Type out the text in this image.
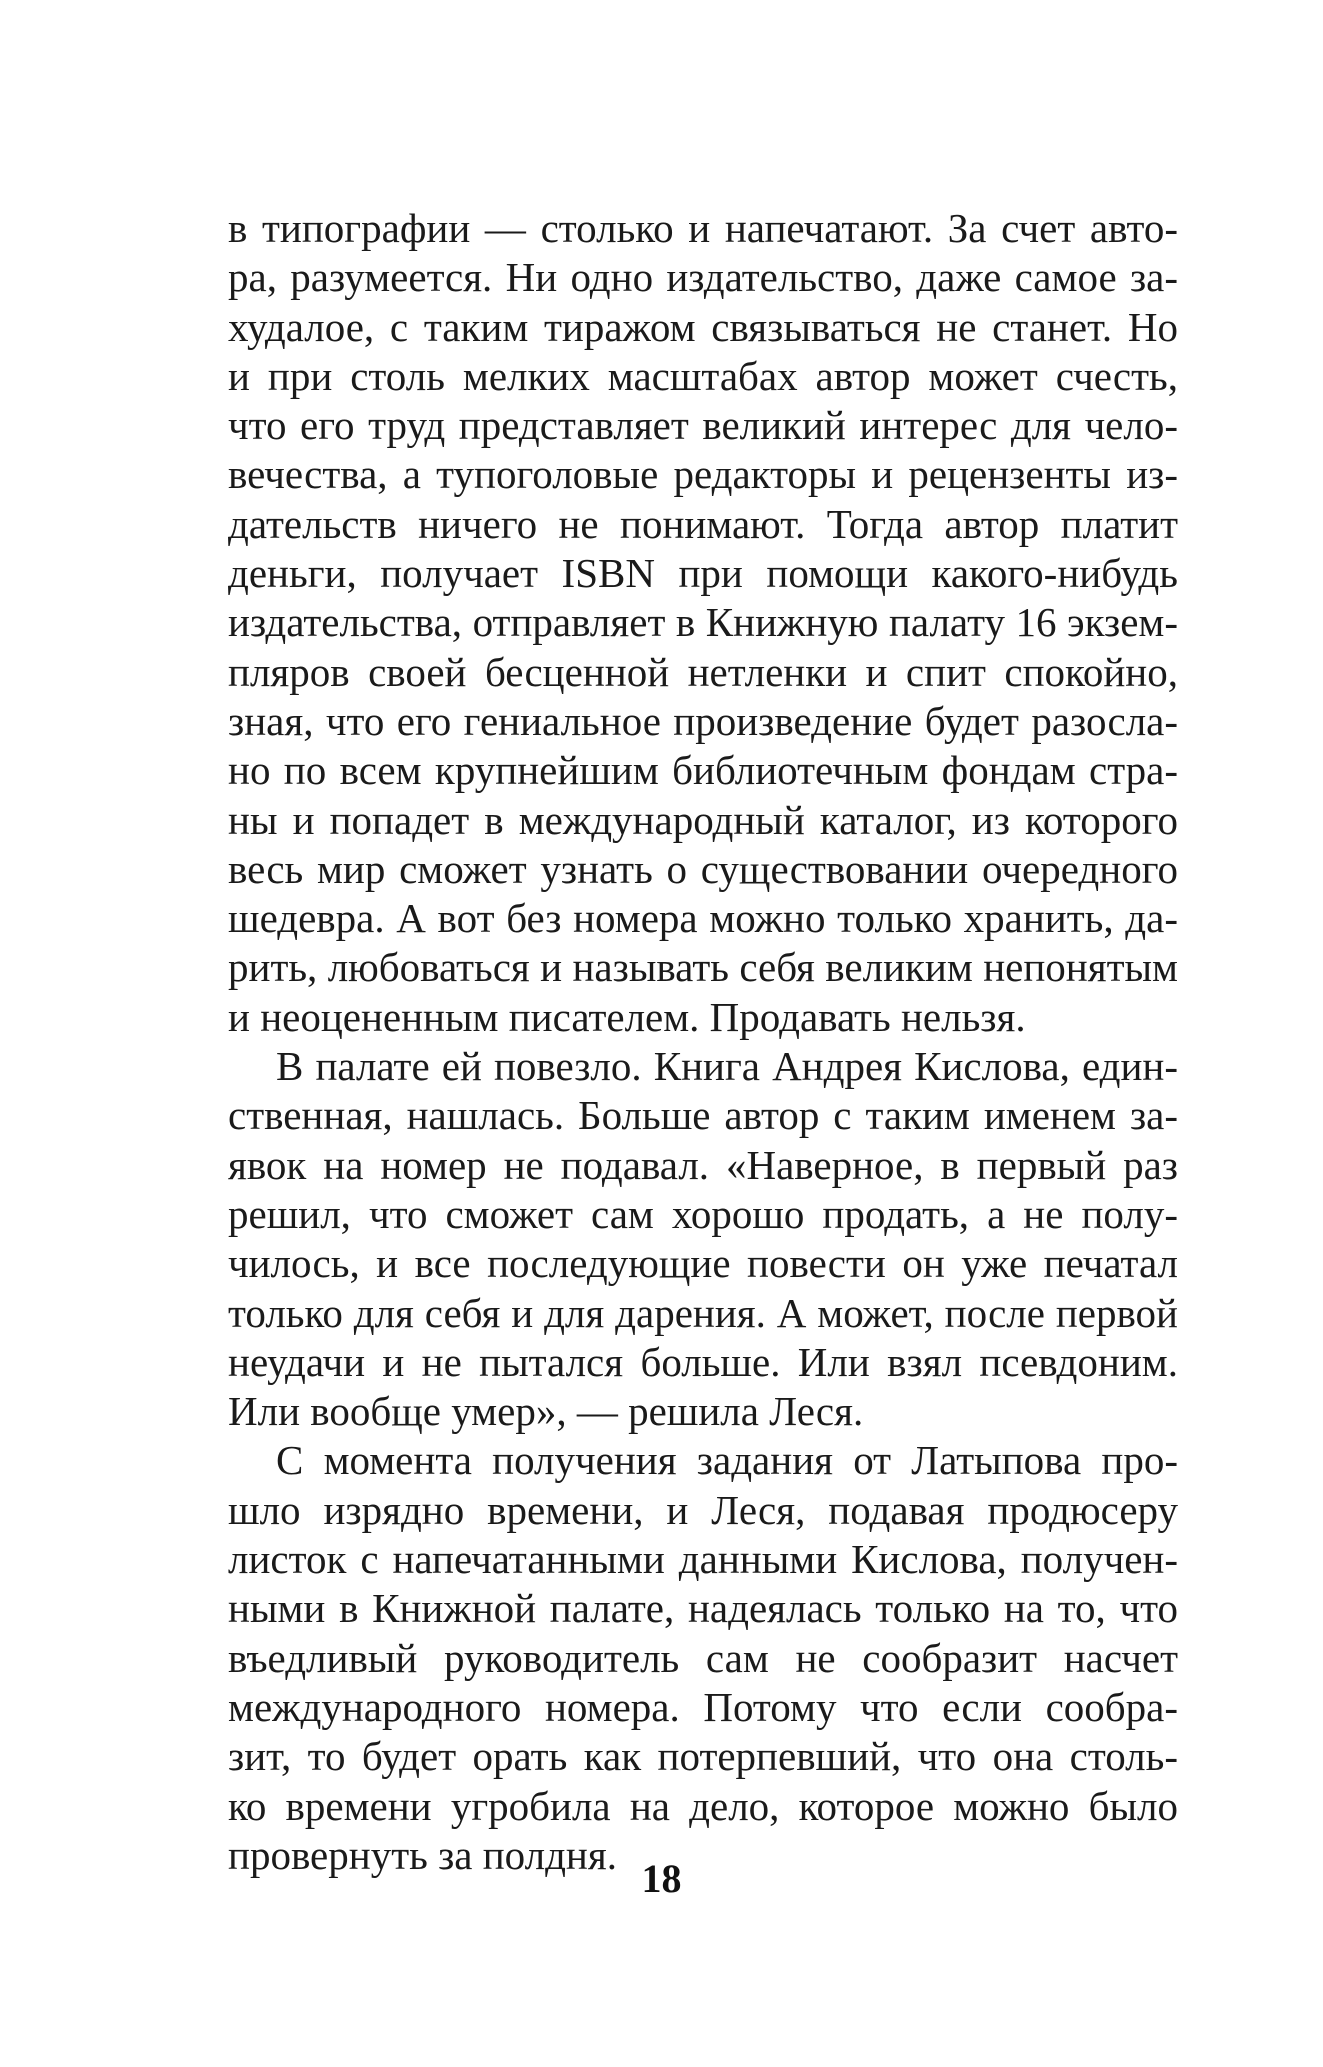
в типографии — столько и напечатают. За счет авто-
ра, разумеется. Ни одно издательство, даже самое за-
худалое, с таким тиражом связываться не станет. Но
и при столь мелких масштабах автор может счесть,
что его труд представляет великий интерес для чело-
вечества, а тупоголовые редакторы и рецензенты из-
дательств ничего не понимают. Тогда автор платит
деньги, получает ISBN при помощи какого-нибудь
издательства, отправляет в Книжную палату 16 экзем-
пляров своей бесценной нетленки и спит спокойно,
зная, что его гениальное произведение будет разосла-
но по всем крупнейшим библиотечным фондам стра-
ны и попадет в международный каталог, из которого
весь мир сможет узнать о существовании очередного
шедевра. А вот без номера можно только хранить, да-
рить, любоваться и называть себя великим непонятым
и неоцененным писателем. Продавать нельзя.
В палате ей повезло. Книга Андрея Кислова, един-
ственная, нашлась. Больше автор с таким именем за-
явок на номер не подавал. «Наверное, в первый раз
решил, что сможет сам хорошо продать, а не полу-
чилось, и все последующие повести он уже печатал
только для себя и для дарения. А может, после первой
неудачи и не пытался больше. Или взял псевдоним.
Или вообще умер», — решила Леся.
С момента получения задания от Латыпова про-
шло изрядно времени, и Леся, подавая продюсеру
листок с напечатанными данными Кислова, получен-
ными в Книжной палате, надеялась только на то, что
въедливый руководитель сам не сообразит насчет
международного номера. Потому что если сообра-
зит, то будет орать как потерпевший, что она столь-
ко времени угробила на дело, которое можно было
провернуть за полдня.
18
